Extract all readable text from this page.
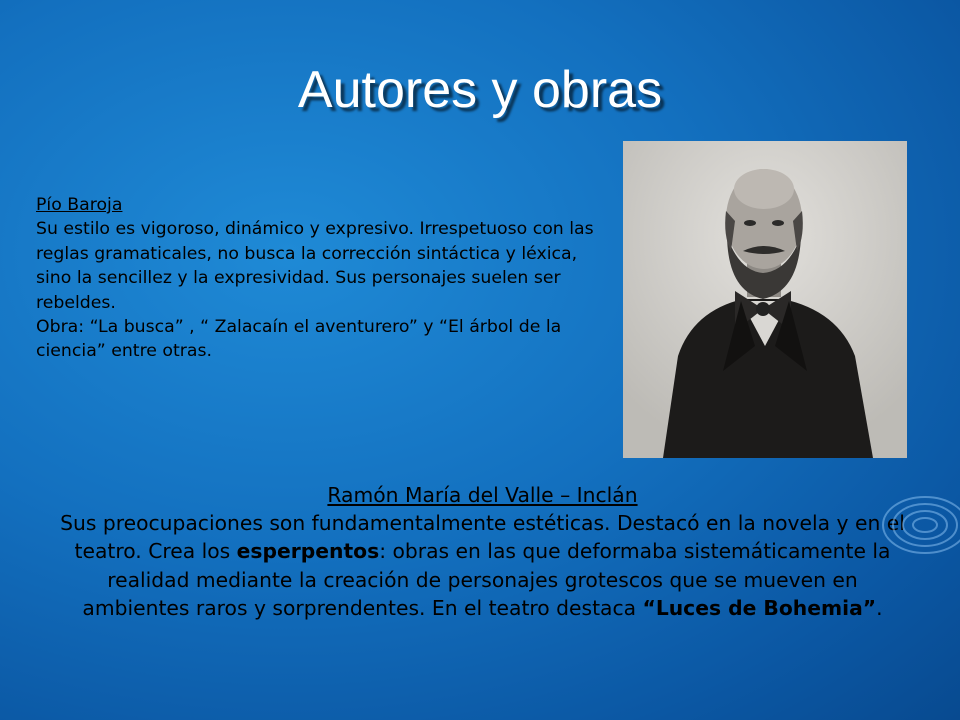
Autores y obras
Pío Baroja

Su estilo es vigoroso, dinámico y expresivo. Irrespetuoso con las reglas gramaticales, no busca la corrección sintáctica y léxica, sino la sencillez y la expresividad. Sus personajes suelen ser rebeldes.

Obra: “La busca” , “ Zalacaín el aventurero” y “El árbol de la ciencia” entre otras.

Ramón María del Valle – Inclán

Sus preocupaciones son fundamentalmente estéticas. Destacó en la novela y en el teatro. Crea los esperpentos: obras en las que deformaba sistemáticamente la realidad mediante la creación de personajes grotescos que se mueven en ambientes raros y sorprendentes. En el teatro destaca “Luces de Bohemia”.
